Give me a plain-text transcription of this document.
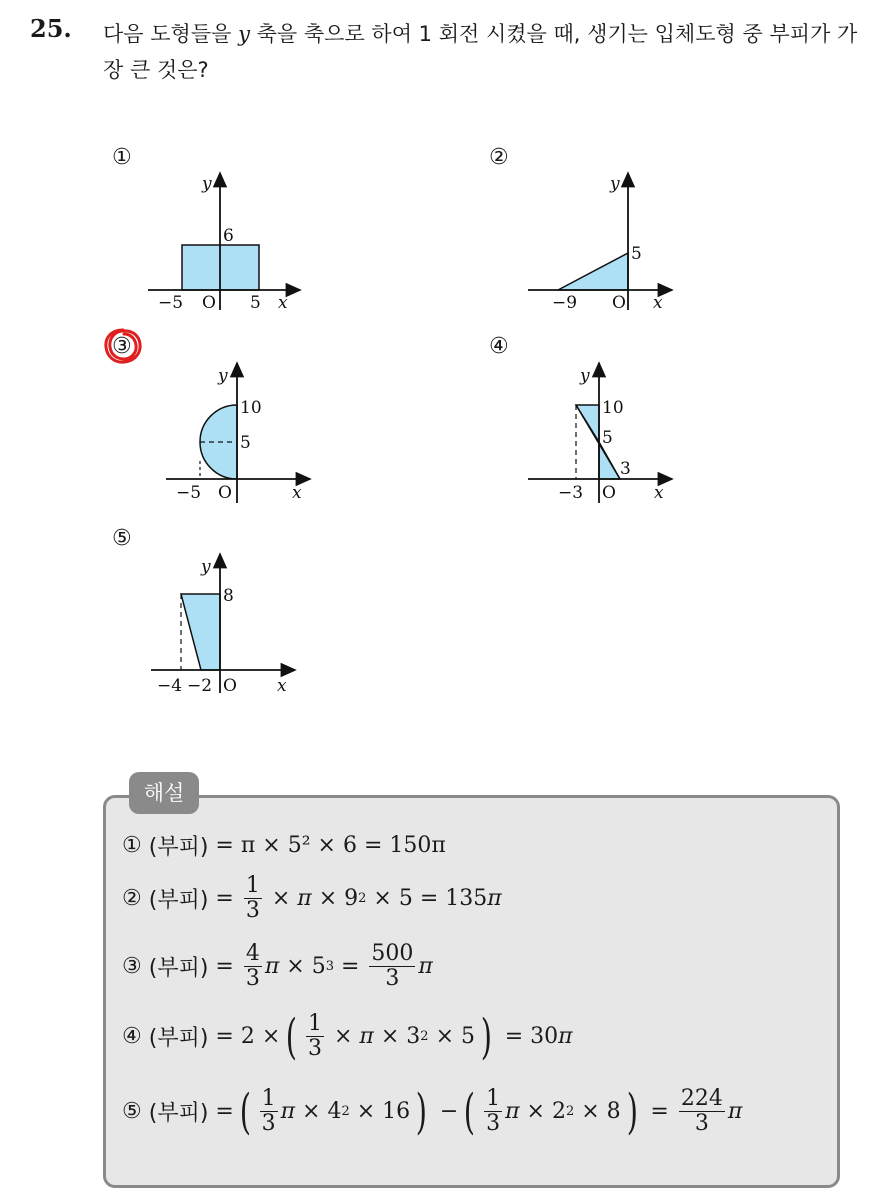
25. 다음 도형들을 y 축을 축으로 하여 1 회전 시켰을 때, 생기는 입체도형 중 부피가 가장 큰 것은?
①	②
③	④
⑤
y
6
−5 O 5 x
y
5
−9 O x
y
10
5
−5 O	x
y
10
5
3
−3 O x
y
8
−4 −2 O x
해설
①
(부피)
= π × 5² × 6 = 150π
②
(부피) = $\frac{1}{3} \times \pi \times 9$ 2 × 5 = 135 π
③
(부피) = $\frac{4}{3}$ π × 5 $3 = \frac{500}{3}$ π
④
(부피) = 2 × ( $\frac{1}{3} \times \pi \times 3$ 2 × 5 ) = 30 π
⑤
(부피) = ( $\frac{1}{3}$ π × 4 2 × 16 ) − ( $\frac{1}{3}$ π × 2 2 × 8 ) = $\frac{224}{3}$ π
